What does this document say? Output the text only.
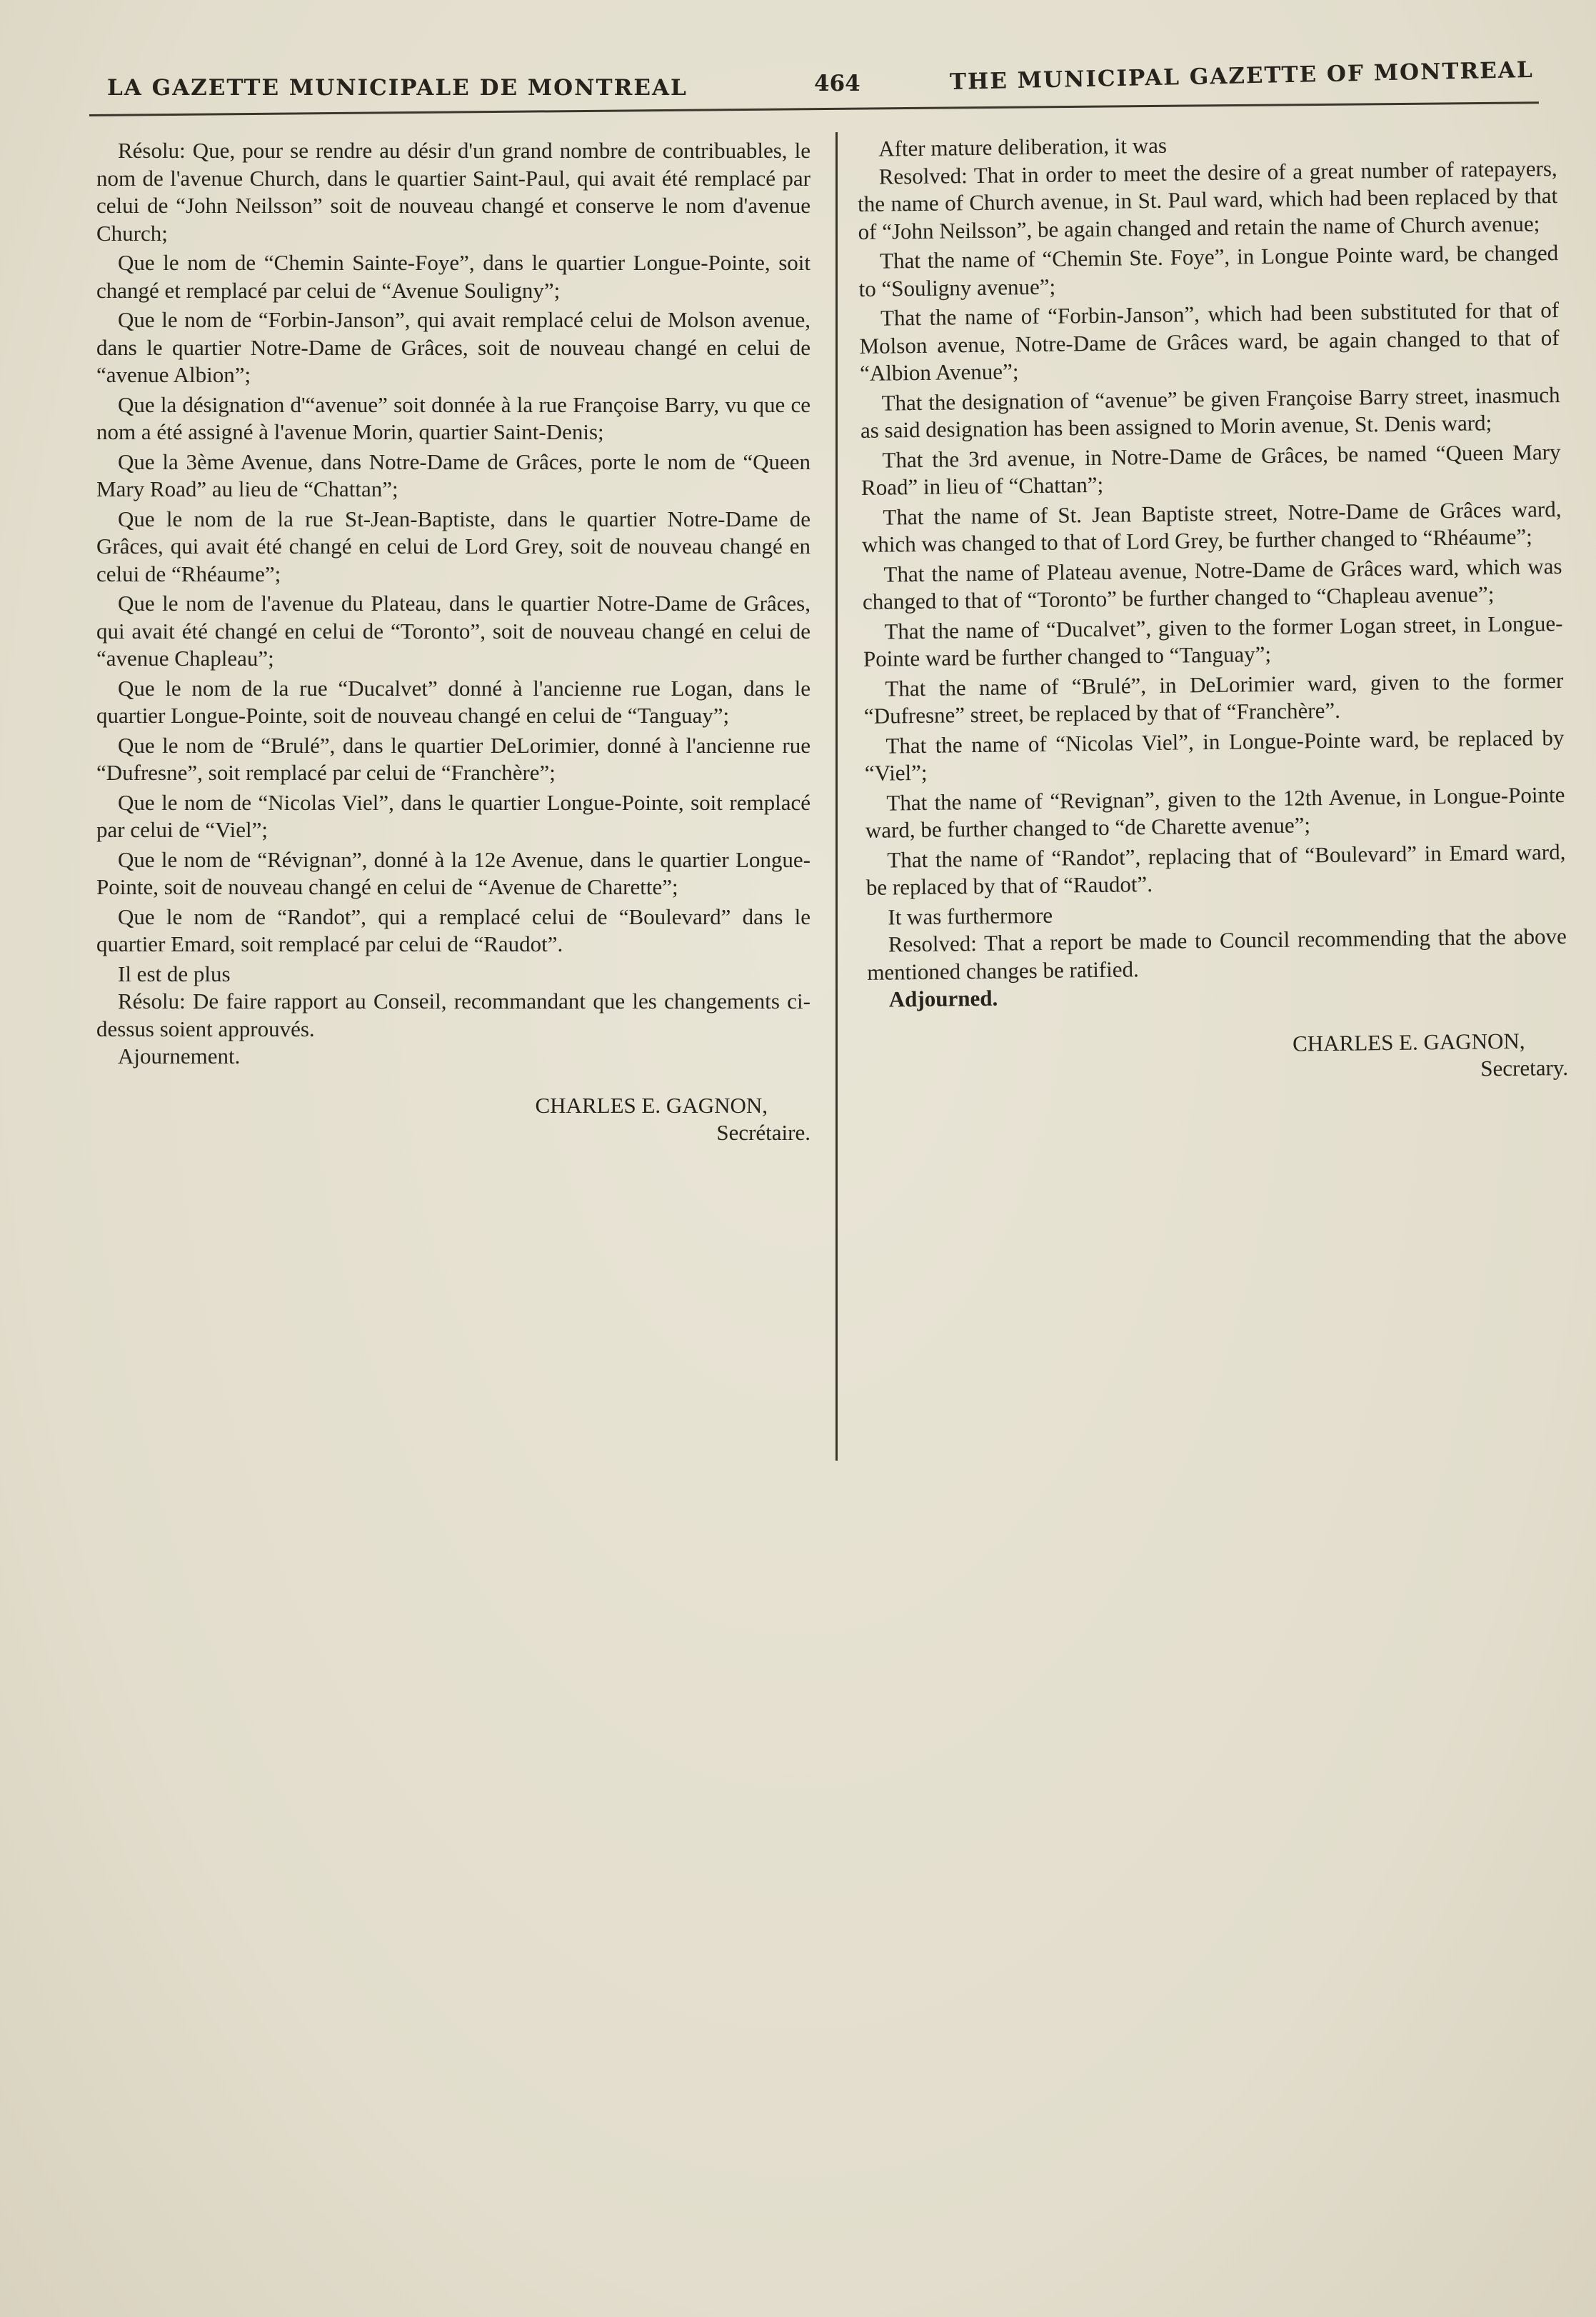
LA GAZETTE MUNICIPALE DE MONTREAL	464	THE MUNICIPAL GAZETTE OF MONTREAL

Résolu: Que, pour se rendre au désir d'un grand nombre de contribuables, le nom de l'avenue Church, dans le quartier Saint-Paul, qui avait été remplacé par celui de “John Neilsson” soit de nouveau changé et conserve le nom d'avenue Church;

Que le nom de “Chemin Sainte-Foye”, dans le quartier Longue-Pointe, soit changé et remplacé par celui de “Avenue Souligny”;

Que le nom de “Forbin-Janson”, qui avait remplacé celui de Molson avenue, dans le quartier Notre-Dame de Grâces, soit de nouveau changé en celui de “avenue Albion”;

Que la désignation d'“avenue” soit donnée à la rue Françoise Barry, vu que ce nom a été assigné à l'avenue Morin, quartier Saint-Denis;

Que la 3ème Avenue, dans Notre-Dame de Grâces, porte le nom de “Queen Mary Road” au lieu de “Chattan”;

Que le nom de la rue St-Jean-Baptiste, dans le quartier Notre-Dame de Grâces, qui avait été changé en celui de Lord Grey, soit de nouveau changé en celui de “Rhéaume”;

Que le nom de l'avenue du Plateau, dans le quartier Notre-Dame de Grâces, qui avait été changé en celui de “Toronto”, soit de nouveau changé en celui de “avenue Chapleau”;

Que le nom de la rue “Ducalvet” donné à l'ancienne rue Logan, dans le quartier Longue-Pointe, soit de nouveau changé en celui de “Tanguay”;

Que le nom de “Brulé”, dans le quartier DeLorimier, donné à l'ancienne rue “Dufresne”, soit remplacé par celui de “Franchère”;

Que le nom de “Nicolas Viel”, dans le quartier Longue-Pointe, soit remplacé par celui de “Viel”;

Que le nom de “Révignan”, donné à la 12e Avenue, dans le quartier Longue-Pointe, soit de nouveau changé en celui de “Avenue de Charette”;

Que le nom de “Randot”, qui a remplacé celui de “Boulevard” dans le quartier Emard, soit remplacé par celui de “Raudot”.

Il est de plus

Résolu: De faire rapport au Conseil, recommandant que les changements ci-dessus soient approuvés.

Ajournement.

CHARLES E. GAGNON,
Secrétaire.

After mature deliberation, it was

Resolved: That in order to meet the desire of a great number of ratepayers, the name of Church avenue, in St. Paul ward, which had been replaced by that of “John Neilsson”, be again changed and retain the name of Church avenue;

That the name of “Chemin Ste. Foye”, in Longue Pointe ward, be changed to “Souligny avenue”;

That the name of “Forbin-Janson”, which had been substituted for that of Molson avenue, Notre-Dame de Grâces ward, be again changed to that of “Albion Avenue”;

That the designation of “avenue” be given Françoise Barry street, inasmuch as said designation has been assigned to Morin avenue, St. Denis ward;

That the 3rd avenue, in Notre-Dame de Grâces, be named “Queen Mary Road” in lieu of “Chattan”;

That the name of St. Jean Baptiste street, Notre-Dame de Grâces ward, which was changed to that of Lord Grey, be further changed to “Rhéaume”;

That the name of Plateau avenue, Notre-Dame de Grâces ward, which was changed to that of “Toronto” be further changed to “Chapleau avenue”;

That the name of “Ducalvet”, given to the former Logan street, in Longue-Pointe ward be further changed to “Tanguay”;

That the name of “Brulé”, in DeLorimier ward, given to the former “Dufresne” street, be replaced by that of “Franchère”.

That the name of “Nicolas Viel”, in Longue-Pointe ward, be replaced by “Viel”;

That the name of “Revignan”, given to the 12th Avenue, in Longue-Pointe ward, be further changed to “de Charette avenue”;

That the name of “Randot”, replacing that of “Boulevard” in Emard ward, be replaced by that of “Raudot”.

It was furthermore

Resolved: That a report be made to Council recommending that the above mentioned changes be ratified.

Adjourned.

CHARLES E. GAGNON,
Secretary.
